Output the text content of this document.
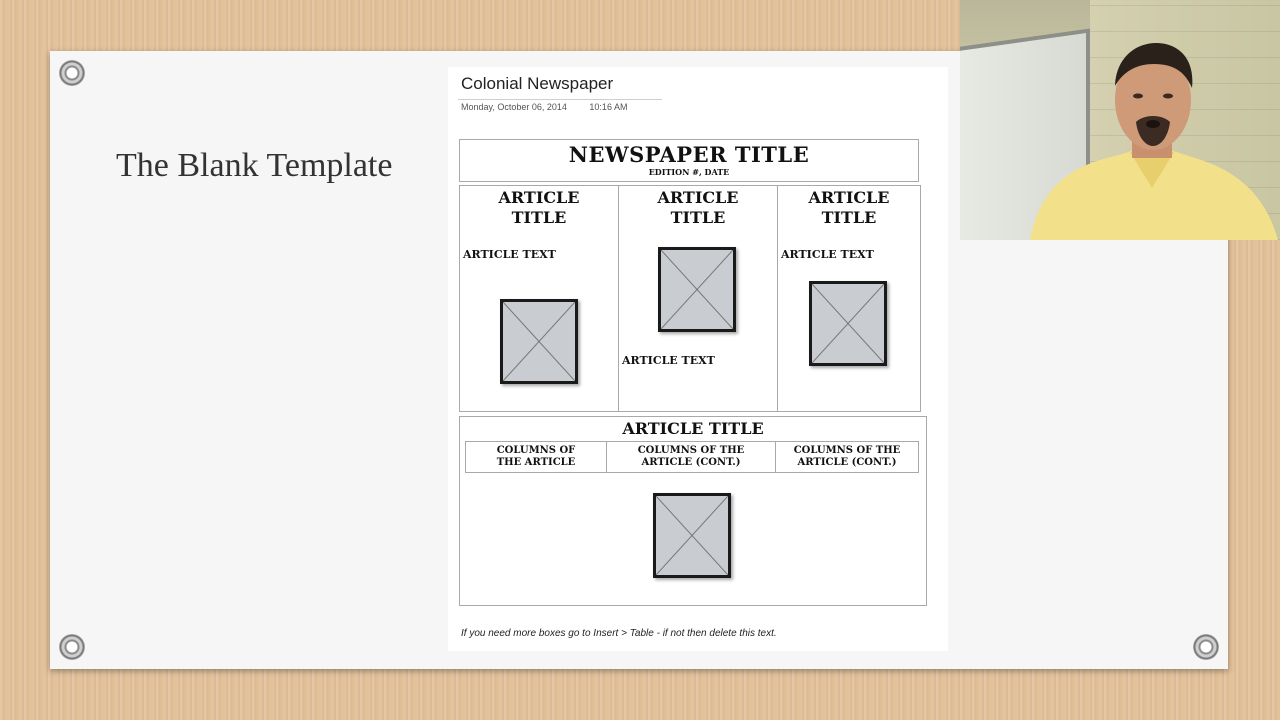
The Blank Template
Colonial Newspaper
Monday, October 06, 2014	10:16 AM
NEWSPAPER TITLE
EDITION #, DATE
ARTICLE
TITLE
ARTICLE TEXT
ARTICLE
TITLE
ARTICLE TEXT
ARTICLE
TITLE
ARTICLE TEXT
ARTICLE TITLE
COLUMNS OF
THE ARTICLE
COLUMNS OF THE
ARTICLE (CONT.)
COLUMNS OF THE
ARTICLE (CONT.)
If you need more boxes go to Insert > Table - if not then delete this text.
